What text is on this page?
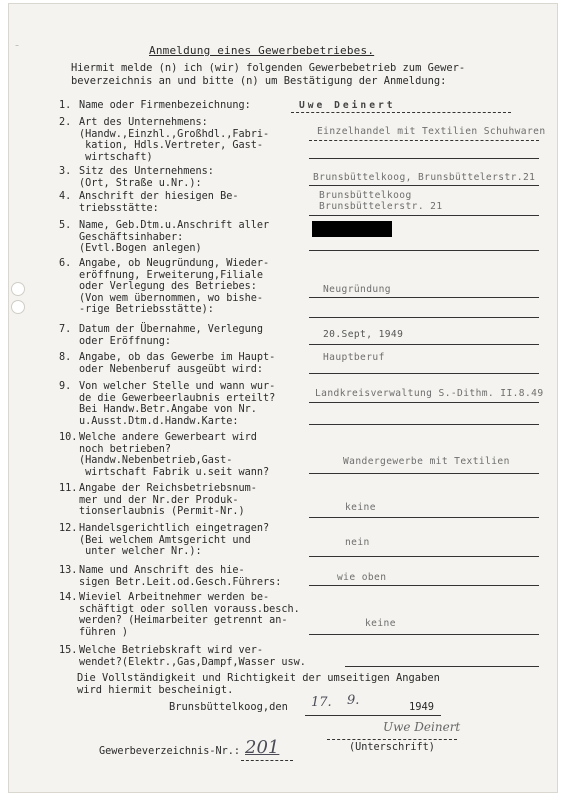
-	Anmeldung eines Gewerbebetriebes.
Hiermit melde (n) ich (wir) folgenden Gewerbebetrieb zum Gewer-
beverzeichnis an und bitte (n) um Bestätigung der Anmeldung:
1. Name oder Firmenbezeichnung:	Uwe Deinert
2. Art des Unternehmens:
(Handw.,Einzhl.,Großhdl.,Fabri-
kation, Hdls.Vertreter, Gast-
wirtschaft)
Einzelhandel mit Textilien Schuhwaren
3. Sitz des Unternehmens:
(Ort, Straße u.Nr.):
Brunsbüttelkoog, Brunsbüttelerstr.21
4. Anschrift der hiesigen Be-
triebsstätte:
Brunsbüttelkoog
Brunsbüttelerstr. 21
5. Name, Geb.Dtm.u.Anschrift aller
Geschäftsinhaber:
(Evtl.Bogen anlegen)
6. Angabe, ob Neugründung, Wieder-
eröffnung, Erweiterung,Filiale
oder Verlegung des Betriebes:
(Von wem übernommen, wo bishe-
-rige Betriebsstätte):
Neugründung
7. Datum der Übernahme, Verlegung
oder Eröffnung:
20.Sept, 1949
8. Angabe, ob das Gewerbe im Haupt-
oder Nebenberuf ausgeübt wird:
Hauptberuf
9. Von welcher Stelle und wann wur-
de die Gewerbeerlaubnis erteilt?
Bei Handw.Betr.Angabe von Nr.
u.Ausst.Dtm.d.Handw.Karte:
Landkreisverwaltung S.-Dithm. II.8.49
10. Welche andere Gewerbeart wird
noch betrieben?
(Handw.Nebenbetrieb,Gast-
wirtschaft Fabrik u.seit wann?
Wandergewerbe mit Textilien
11. Angabe der Reichsbetriebsnum-
mer und der Nr.der Produk-
tionserlaubnis (Permit-Nr.)	keine
12. Handelsgerichtlich eingetragen?
(Bei welchem Amtsgericht und
unter welcher Nr.):
nein
13. Name und Anschrift des hie-
sigen Betr.Leit.od.Gesch.Führers:	wie oben
14. Wieviel Arbeitnehmer werden be-
schäftigt oder sollen vorauss.besch.
werden? (Heimarbeiter getrennt an-
führen )
keine
15. Welche Betriebskraft wird ver-
wendet?(Elektr.,Gas,Dampf,Wasser usw.
Die Vollständigkeit und Richtigkeit der umseitigen Angaben
wird hiermit bescheinigt.
Brunsbüttelkoog,den 17. 9.	1949
Uwe Deinert
(Unterschrift)
Gewerbeverzeichnis-Nr.: 201
